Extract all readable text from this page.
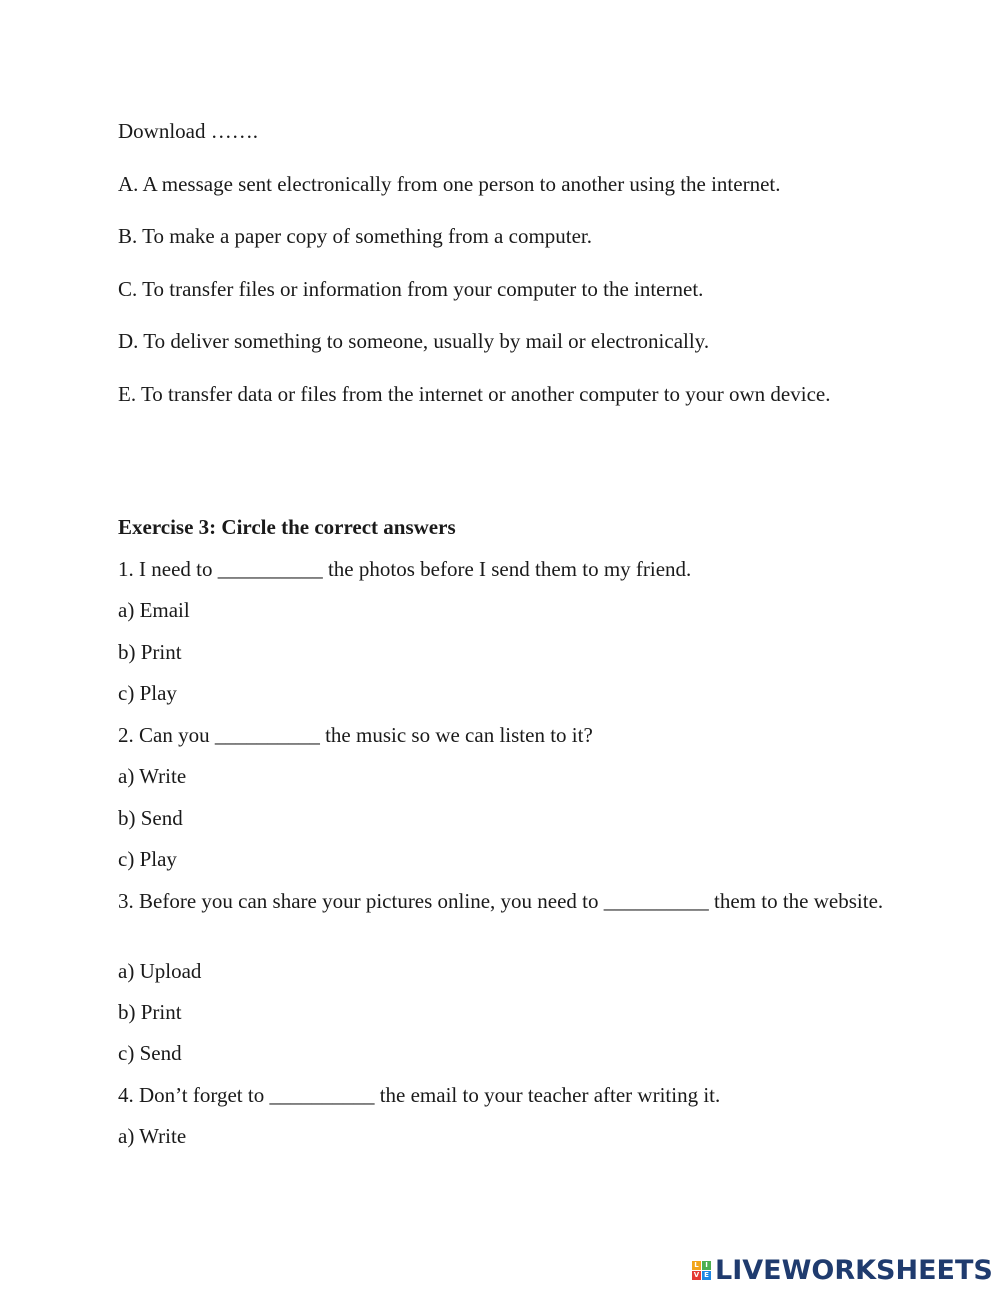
Download …….
A. A message sent electronically from one person to another using the internet.
B. To make a paper copy of something from a computer.
C. To transfer files or information from your computer to the internet.
D. To deliver something to someone, usually by mail or electronically.
E. To transfer data or files from the internet or another computer to your own device.
Exercise 3: Circle the correct answers
1. I need to __________ the photos before I send them to my friend.
a) Email
b) Print
c) Play
2. Can you __________ the music so we can listen to it?
a) Write
b) Send
c) Play
3. Before you can share your pictures online, you need to __________ them to the website.
a) Upload
b) Print
c) Send
4. Don’t forget to __________ the email to your teacher after writing it.
a) Write
L I
V E LIVEWORKSHEETS
